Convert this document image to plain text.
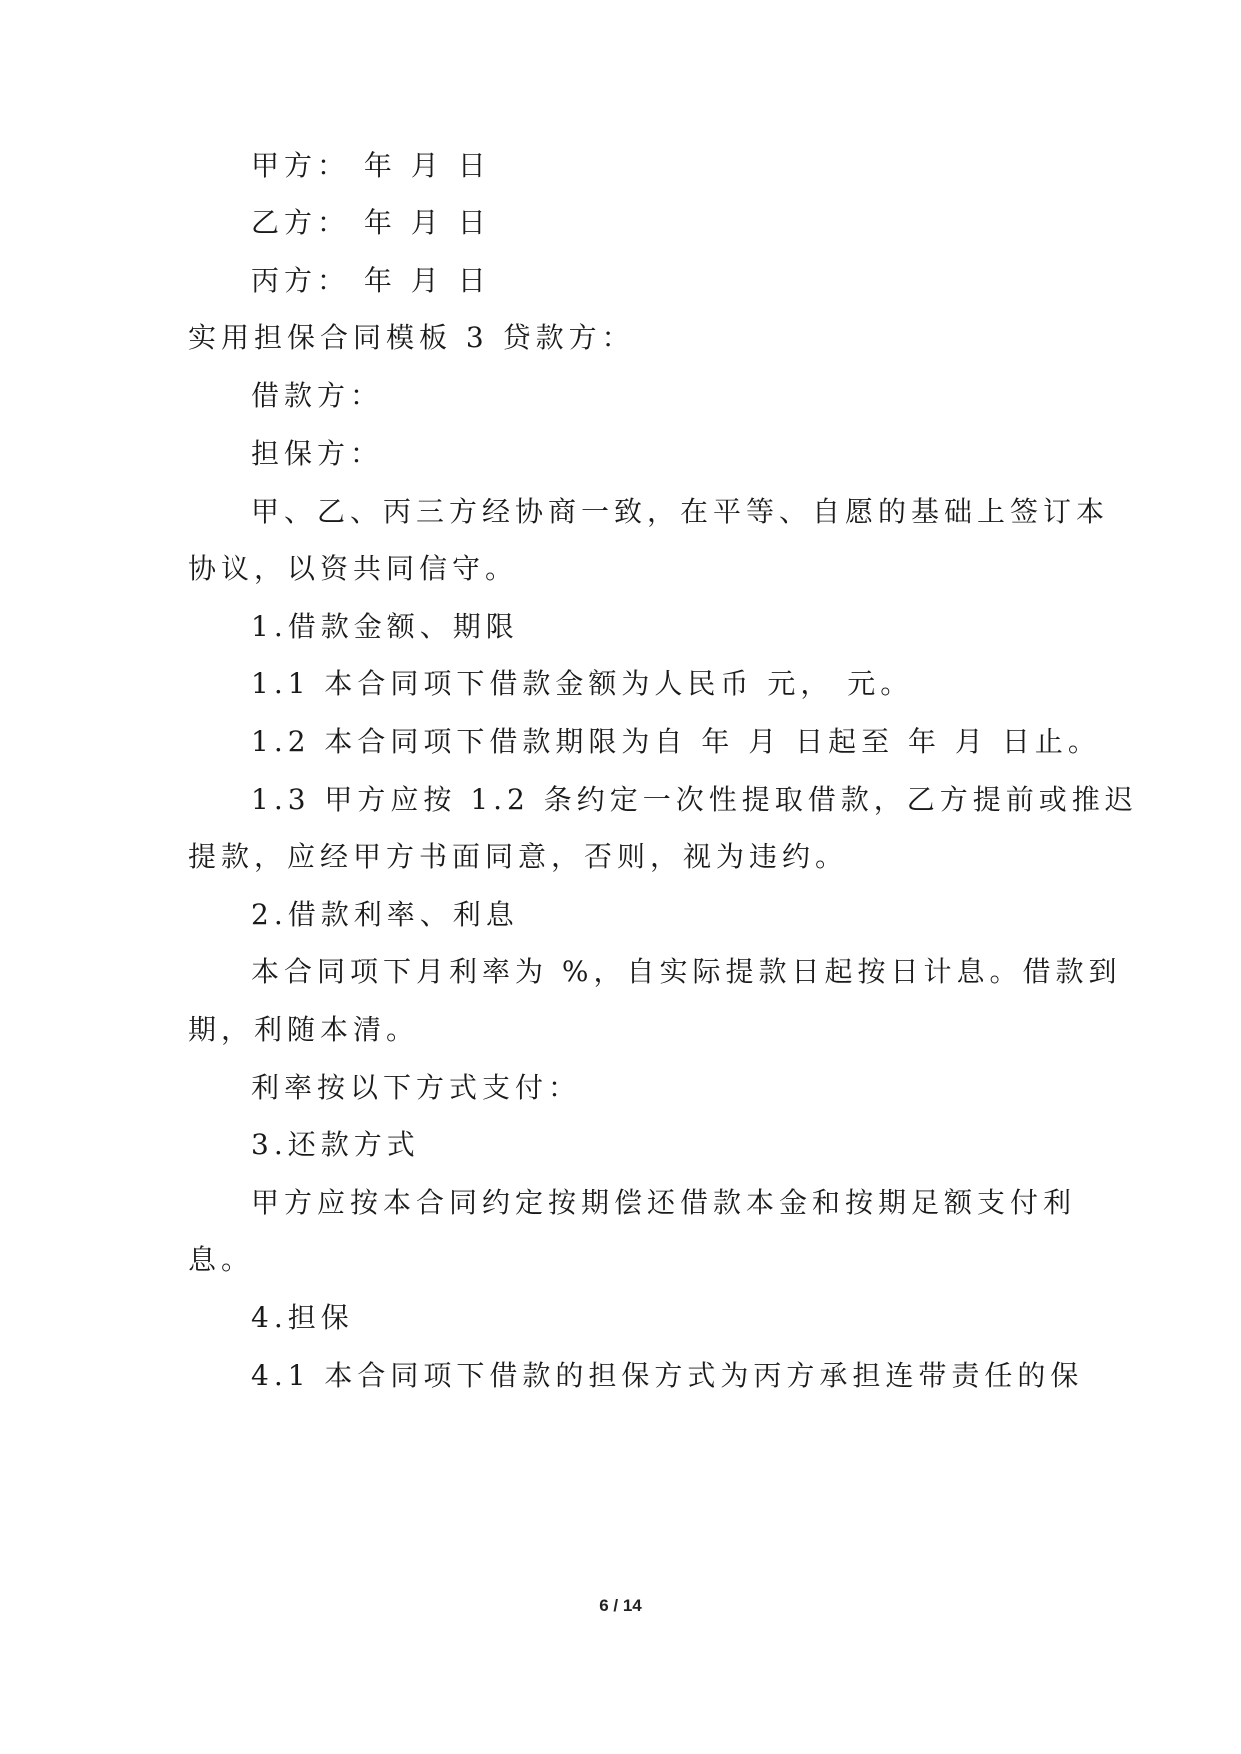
甲方： 年 月 日
乙方： 年 月 日
丙方： 年 月 日
实用担保合同模板 3 贷款方：
借款方：
担保方：
甲、乙、丙三方经协商一致，在平等、自愿的基础上签订本
协议，以资共同信守。
1.借款金额、期限
1.1 本合同项下借款金额为人民币 元， 元。
1.2 本合同项下借款期限为自 年 月 日起至 年 月 日止。
1.3 甲方应按 1.2 条约定一次性提取借款，乙方提前或推迟
提款，应经甲方书面同意，否则，视为违约。
2.借款利率、利息
本合同项下月利率为 %，自实际提款日起按日计息。借款到
期，利随本清。
利率按以下方式支付：
3.还款方式
甲方应按本合同约定按期偿还借款本金和按期足额支付利
息。
4.担保
4.1 本合同项下借款的担保方式为丙方承担连带责任的保
6 / 14
